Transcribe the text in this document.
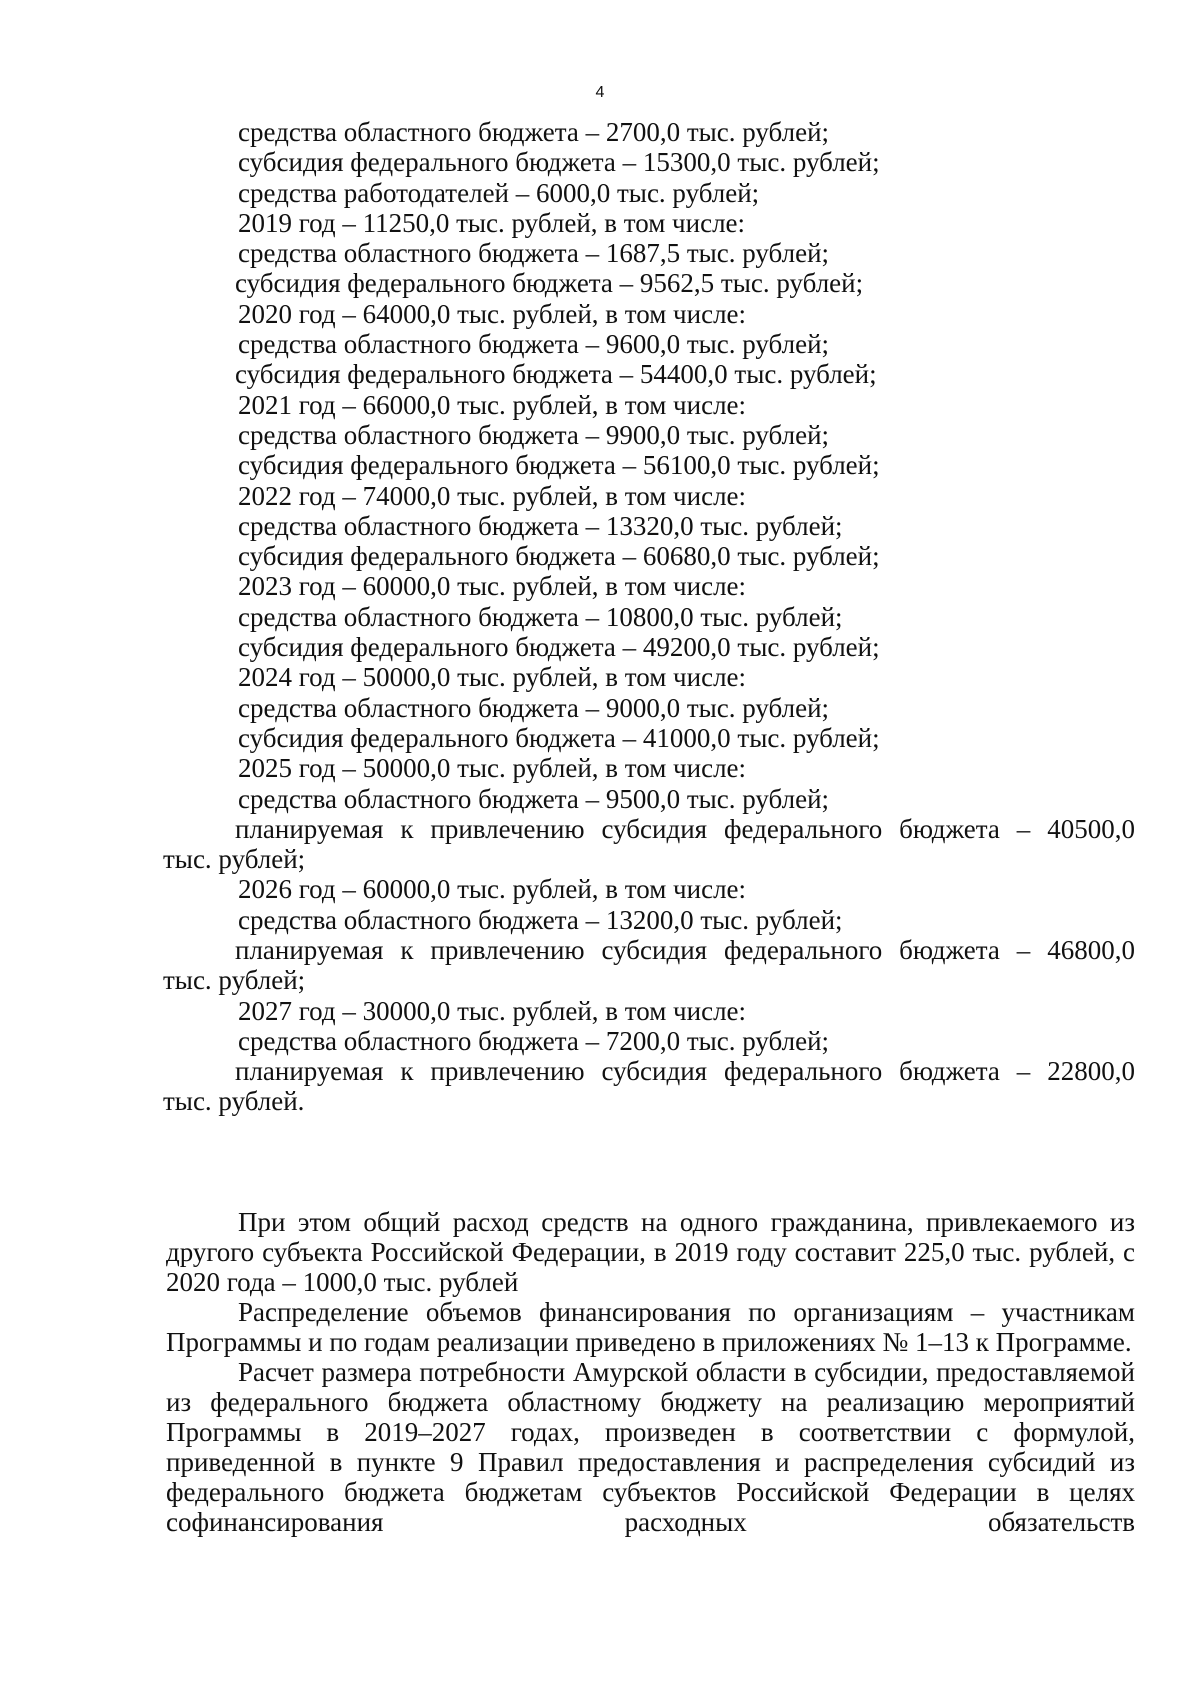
4
средства областного бюджета – 2700,0 тыс. рублей;
субсидия федерального бюджета – 15300,0 тыс. рублей;
средства работодателей – 6000,0 тыс. рублей;
2019 год – 11250,0 тыс. рублей, в том числе:
средства областного бюджета – 1687,5 тыс. рублей;
субсидия федерального бюджета – 9562,5 тыс. рублей;
2020 год – 64000,0 тыс. рублей, в том числе:
средства областного бюджета – 9600,0 тыс. рублей;
субсидия федерального бюджета – 54400,0 тыс. рублей;
2021 год – 66000,0 тыс. рублей, в том числе:
средства областного бюджета – 9900,0 тыс. рублей;
субсидия федерального бюджета – 56100,0 тыс. рублей;
2022 год – 74000,0 тыс. рублей, в том числе:
средства областного бюджета – 13320,0 тыс. рублей;
субсидия федерального бюджета – 60680,0 тыс. рублей;
2023 год – 60000,0 тыс. рублей, в том числе:
средства областного бюджета – 10800,0 тыс. рублей;
субсидия федерального бюджета – 49200,0 тыс. рублей;
2024 год – 50000,0 тыс. рублей, в том числе:
средства областного бюджета – 9000,0 тыс. рублей;
субсидия федерального бюджета – 41000,0 тыс. рублей;
2025 год – 50000,0 тыс. рублей, в том числе:
средства областного бюджета – 9500,0 тыс. рублей;
планируемая к привлечению субсидия федерального бюджета – 40500,0
тыс. рублей;
2026 год – 60000,0 тыс. рублей, в том числе:
средства областного бюджета – 13200,0 тыс. рублей;
планируемая к привлечению субсидия федерального бюджета – 46800,0
тыс. рублей;
2027 год – 30000,0 тыс. рублей, в том числе:
средства областного бюджета – 7200,0 тыс. рублей;
планируемая к привлечению субсидия федерального бюджета – 22800,0
тыс. рублей.

При этом общий расход средств на одного гражданина, привлекаемого из другого субъекта Российской Федерации, в 2019 году составит 225,0 тыс. рублей, с 2020 года – 1000,0 тыс. рублей

Распределение объемов финансирования по организациям – участникам Программы и по годам реализации приведено в приложениях № 1–13 к Программе.

Расчет размера потребности Амурской области в субсидии, предоставляемой из федерального бюджета областному бюджету на реализацию мероприятий Программы в 2019–2027 годах, произведен в соответствии с формулой, приведенной в пункте 9 Правил предоставления и распределения субсидий из федерального бюджета бюджетам субъектов Российской Федерации в целях софинансирования расходных обязательств
